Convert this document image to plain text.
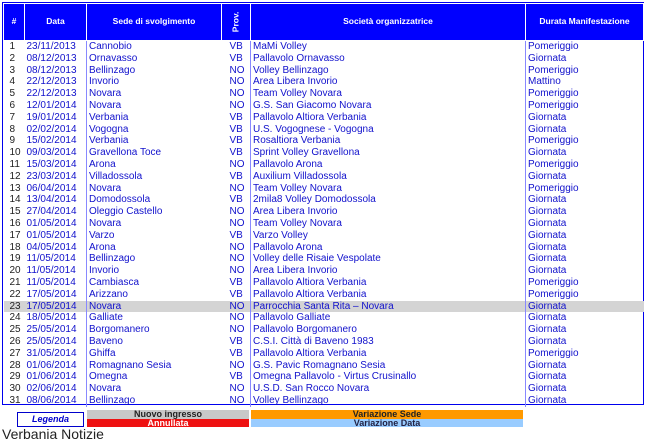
#	Data	Sede di svolgimento	Prov.	Società organizzatrice	Durata Manifestazione
1	23/11/2013	Cannobio	VB	MaMi Volley	Pomeriggio
2	08/12/2013	Ornavasso	VB	Pallavolo Ornavasso	Giornata
3	08/12/2013	Bellinzago	NO	Volley Bellinzago	Pomeriggio
4	22/12/2013	Invorio	NO	Area Libera Invorio	Mattino
5	22/12/2013	Novara	NO	Team Volley Novara	Pomeriggio
6	12/01/2014	Novara	NO	G.S. San Giacomo Novara	Pomeriggio
7	19/01/2014	Verbania	VB	Pallavolo Altiora Verbania	Giornata
8	02/02/2014	Vogogna	VB	U.S. Vogognese - Vogogna	Giornata
9	15/02/2014	Verbania	VB	Rosaltiora Verbania	Pomeriggio
10	09/03/2014	Gravellona Toce	VB	Sprint Volley Gravellona	Giornata
11	15/03/2014	Arona	NO	Pallavolo Arona	Pomeriggio
12	23/03/2014	Villadossola	VB	Auxilium Villadossola	Giornata
13	06/04/2014	Novara	NO	Team Volley Novara	Pomeriggio
14	13/04/2014	Domodossola	VB	2mila8 Volley Domodossola	Giornata
15	27/04/2014	Oleggio Castello	NO	Area Libera Invorio	Giornata
16	01/05/2014	Novara	NO	Team Volley Novara	Giornata
17	01/05/2014	Varzo	VB	Varzo Volley	Giornata
18	04/05/2014	Arona	NO	Pallavolo Arona	Giornata
19	11/05/2014	Bellinzago	NO	Volley delle Risaie Vespolate	Giornata
20	11/05/2014	Invorio	NO	Area Libera Invorio	Giornata
21	11/05/2014	Cambiasca	VB	Pallavolo Altiora Verbania	Pomeriggio
22	17/05/2014	Arizzano	VB	Pallavolo Altiora Verbania	Pomeriggio
23	17/05/2014	Novara	NO	Parrocchia Santa Rita – Novara	Giornata
24	18/05/2014	Galliate	NO	Pallavolo Galliate	Giornata
25	25/05/2014	Borgomanero	NO	Pallavolo Borgomanero	Giornata
26	25/05/2014	Baveno	VB	C.S.I. Città di Baveno 1983	Giornata
27	31/05/2014	Ghiffa	VB	Pallavolo Altiora Verbania	Pomeriggio
28	01/06/2014	Romagnano Sesia	NO	G.S. Pavic Romagnano Sesia	Giornata
29	01/06/2014	Omegna	VB	Omegna Pallavolo - Virtus Crusinallo	Giornata
30	02/06/2014	Novara	NO	U.S.D. San Rocco Novara	Giornata
31	08/06/2014	Bellinzago	NO	Volley Bellinzago	Giornata
Legenda	Nuovo ingresso	Variazione Sede
Annullata	Variazione Data
Verbania Notizie
